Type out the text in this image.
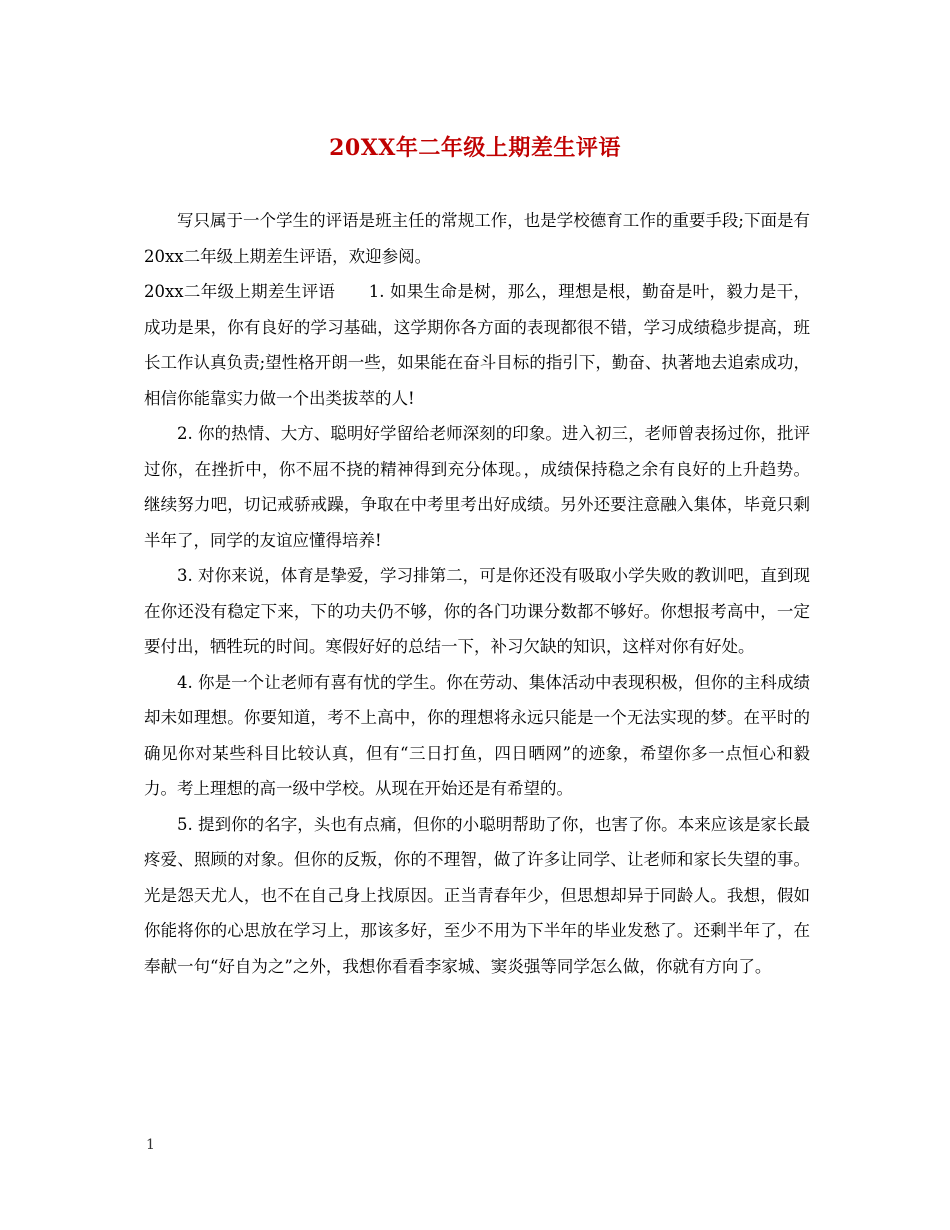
20XX年二年级上期差生评语

写只属于一个学生的评语是班主任的常规工作，也是学校德育工作的重要手段;下面是有20xx二年级上期差生评语，欢迎参阅。

20xx二年级上期差生评语　　1. 如果生命是树，那么，理想是根，勤奋是叶，毅力是干，成功是果，你有良好的学习基础，这学期你各方面的表现都很不错，学习成绩稳步提高，班长工作认真负责;望性格开朗一些，如果能在奋斗目标的指引下，勤奋、执著地去追索成功，相信你能靠实力做一个出类拔萃的人!

2. 你的热情、大方、聪明好学留给老师深刻的印象。进入初三，老师曾表扬过你，批评过你，在挫折中，你不屈不挠的精神得到充分体现。，成绩保持稳之余有良好的上升趋势。继续努力吧，切记戒骄戒躁，争取在中考里考出好成绩。另外还要注意融入集体，毕竟只剩半年了，同学的友谊应懂得培养!

3. 对你来说，体育是挚爱，学习排第二，可是你还没有吸取小学失败的教训吧，直到现在你还没有稳定下来，下的功夫仍不够，你的各门功课分数都不够好。你想报考高中，一定要付出，牺牲玩的时间。寒假好好的总结一下，补习欠缺的知识，这样对你有好处。

4. 你是一个让老师有喜有忧的学生。你在劳动、集体活动中表现积极，但你的主科成绩却未如理想。你要知道，考不上高中，你的理想将永远只能是一个无法实现的梦。在平时的确见你对某些科目比较认真，但有“三日打鱼，四日晒网”的迹象，希望你多一点恒心和毅力。考上理想的高一级中学校。从现在开始还是有希望的。

5. 提到你的名字，头也有点痛，但你的小聪明帮助了你，也害了你。本来应该是家长最疼爱、照顾的对象。但你的反叛，你的不理智，做了许多让同学、让老师和家长失望的事。光是怨天尤人，也不在自己身上找原因。正当青春年少，但思想却异于同龄人。我想，假如你能将你的心思放在学习上，那该多好，至少不用为下半年的毕业发愁了。还剩半年了，在奉献一句“好自为之”之外，我想你看看李家城、窦炎强等同学怎么做，你就有方向了。

1
